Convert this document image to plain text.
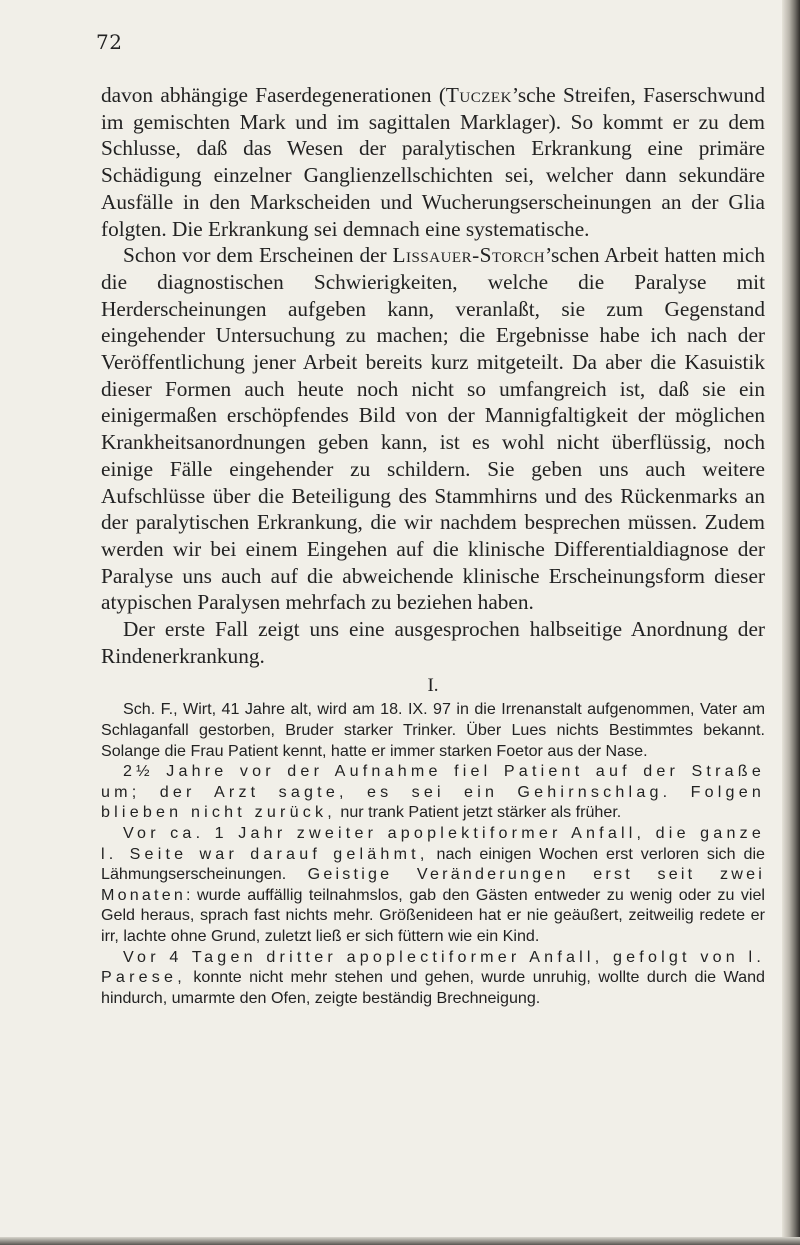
72

davon abhängige Faserdegenerationen (Tuczek’sche Streifen, Faserschwund im gemischten Mark und im sagittalen Marklager). So kommt er zu dem Schlusse, daß das Wesen der paralytischen Erkrankung eine primäre Schädigung einzelner Ganglienzellschichten sei, welcher dann sekundäre Ausfälle in den Markscheiden und Wucherungserscheinungen an der Glia folgten. Die Erkrankung sei demnach eine systematische.

Schon vor dem Erscheinen der Lissauer-Storch’schen Arbeit hatten mich die diagnostischen Schwierigkeiten, welche die Paralyse mit Herderscheinungen aufgeben kann, veranlaßt, sie zum Gegenstand eingehender Untersuchung zu machen; die Ergebnisse habe ich nach der Veröffentlichung jener Arbeit bereits kurz mitgeteilt. Da aber die Kasuistik dieser Formen auch heute noch nicht so umfangreich ist, daß sie ein einigermaßen erschöpfendes Bild von der Mannigfaltigkeit der möglichen Krankheitsanordnungen geben kann, ist es wohl nicht überflüssig, noch einige Fälle eingehender zu schildern. Sie geben uns auch weitere Aufschlüsse über die Beteiligung des Stammhirns und des Rückenmarks an der paralytischen Erkrankung, die wir nachdem besprechen müssen. Zudem werden wir bei einem Eingehen auf die klinische Differentialdiagnose der Paralyse uns auch auf die abweichende klinische Erscheinungsform dieser atypischen Paralysen mehrfach zu beziehen haben.

Der erste Fall zeigt uns eine ausgesprochen halbseitige Anordnung der Rindenerkrankung.

I.

Sch. F., Wirt, 41 Jahre alt, wird am 18. IX. 97 in die Irrenanstalt aufgenommen, Vater am Schlaganfall gestorben, Bruder starker Trinker. Über Lues nichts Bestimmtes bekannt. Solange die Frau Patient kennt, hatte er immer starken Foetor aus der Nase.

2½ Jahre vor der Aufnahme fiel Patient auf der Straße um; der Arzt sagte, es sei ein Gehirnschlag. Folgen blieben nicht zurück, nur trank Patient jetzt stärker als früher.

Vor ca. 1 Jahr zweiter apoplektiformer Anfall, die ganze l. Seite war darauf gelähmt, nach einigen Wochen erst verloren sich die Lähmungserscheinungen. Geistige Veränderungen erst seit zwei Monaten: wurde auffällig teilnahmslos, gab den Gästen entweder zu wenig oder zu viel Geld heraus, sprach fast nichts mehr. Größenideen hat er nie geäußert, zeitweilig redete er irr, lachte ohne Grund, zuletzt ließ er sich füttern wie ein Kind.

Vor 4 Tagen dritter apoplectiformer Anfall, gefolgt von l. Parese, konnte nicht mehr stehen und gehen, wurde unruhig, wollte durch die Wand hindurch, umarmte den Ofen, zeigte beständig Brechneigung.
